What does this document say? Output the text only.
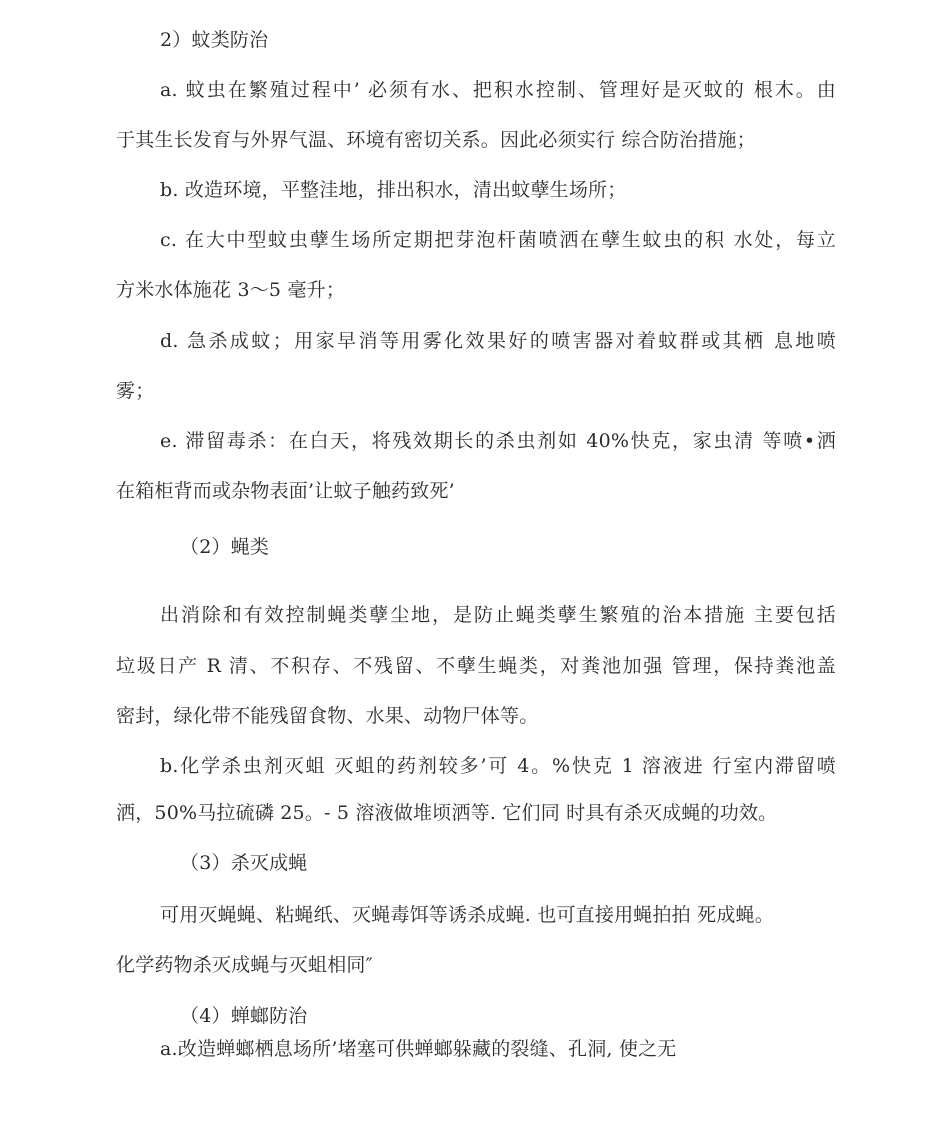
2）蚊类防治
a. 蚊虫在繁殖过程中’ 必须有水、把积水控制、管理好是灭蚊的 根木。由
于其生长发育与外界气温、环境有密切关系。因此必须实行 综合防治措施；
b. 改造环境，平整洼地，排出积水，清出蚊孽生场所；
c. 在大中型蚊虫孽生场所定期把芽泡杆菌喷洒在孽生蚊虫的积 水处，每立
方米水体施花 3〜5 毫升；
d. 急杀成蚊；用家早消等用雾化效果好的喷害器对着蚊群或其栖 息地喷
雾；
e. 滞留毒杀：在白天，将残效期长的杀虫剂如 40%快克，家虫清 等喷•洒
在箱柜背而或杂物表面’让蚊子触药致死’
（2）蝇类
出消除和有效控制蝇类孽尘地，是防止蝇类孽生繁殖的治本措施 主要包括
垃圾日产 R 清、不积存、不残留、不孽生蝇类，对粪池加强 管理，保持粪池盖
密封，绿化带不能残留食物、水果、动物尸体等。
b.化学杀虫剂灭蛆 灭蛆的药剂较多’可 4。%快克 1 溶液进 行室内滞留喷
洒，50%马拉硫磷 25。- 5 溶液做堆顷洒等. 它们同 时具有杀灭成蝇的功效。
（3）杀灭成蝇
可用灭蝇蝇、粘蝇纸、灭蝇毒饵等诱杀成蝇. 也可直接用蝇拍拍 死成蝇。
化学药物杀灭成蝇与灭蛆相同″
（4）蝉螂防治
a.改造蝉螂栖息场所’堵塞可供蝉螂躲藏的裂缝、孔洞, 使之无
